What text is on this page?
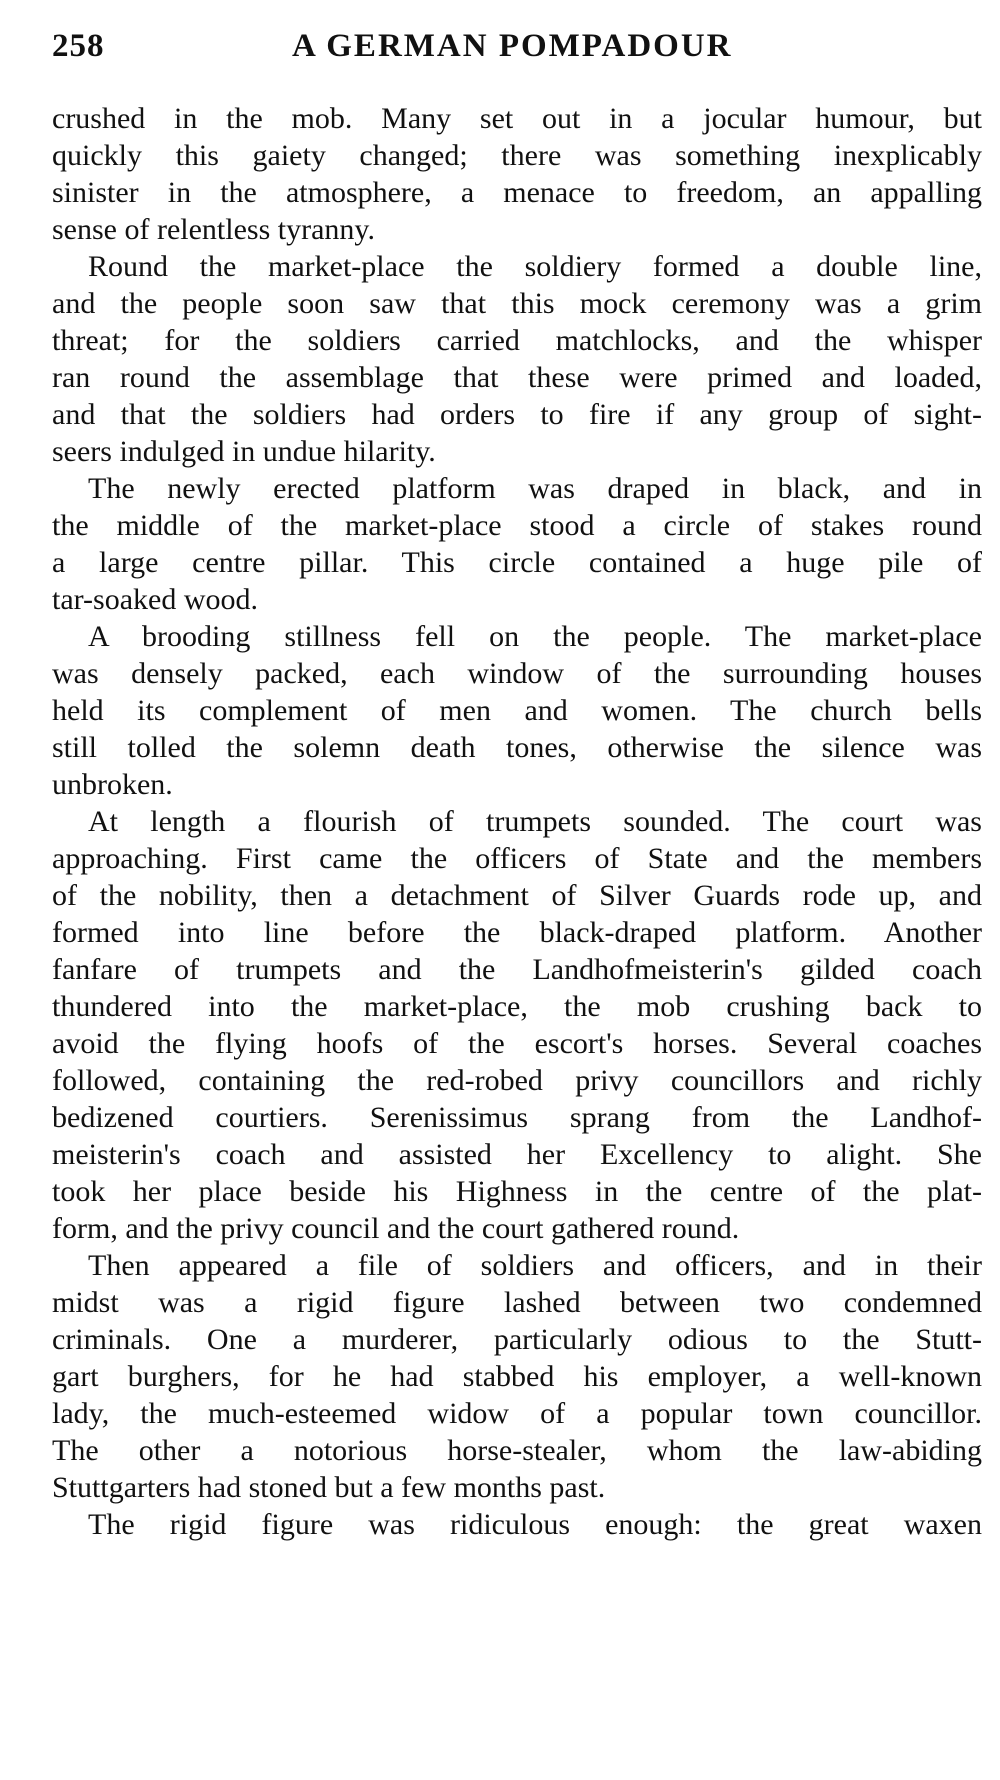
258	A GERMAN POMPADOUR
crushed in the mob. Many set out in a jocular humour, but
quickly this gaiety changed; there was something inexplicably
sinister in the atmosphere, a menace to freedom, an appalling
sense of relentless tyranny.
Round the market-place the soldiery formed a double line,
and the people soon saw that this mock ceremony was a grim
threat; for the soldiers carried matchlocks, and the whisper
ran round the assemblage that these were primed and loaded,
and that the soldiers had orders to fire if any group of sight-
seers indulged in undue hilarity.
The newly erected platform was draped in black, and in
the middle of the market-place stood a circle of stakes round
a large centre pillar. This circle contained a huge pile of
tar-soaked wood.
A brooding stillness fell on the people. The market-place
was densely packed, each window of the surrounding houses
held its complement of men and women. The church bells
still tolled the solemn death tones, otherwise the silence was
unbroken.
At length a flourish of trumpets sounded. The court was
approaching. First came the officers of State and the members
of the nobility, then a detachment of Silver Guards rode up, and
formed into line before the black-draped platform. Another
fanfare of trumpets and the Landhofmeisterin's gilded coach
thundered into the market-place, the mob crushing back to
avoid the flying hoofs of the escort's horses. Several coaches
followed, containing the red-robed privy councillors and richly
bedizened courtiers. Serenissimus sprang from the Landhof-
meisterin's coach and assisted her Excellency to alight. She
took her place beside his Highness in the centre of the plat-
form, and the privy council and the court gathered round.
Then appeared a file of soldiers and officers, and in their
midst was a rigid figure lashed between two condemned
criminals. One a murderer, particularly odious to the Stutt-
gart burghers, for he had stabbed his employer, a well-known
lady, the much-esteemed widow of a popular town councillor.
The other a notorious horse-stealer, whom the law-abiding
Stuttgarters had stoned but a few months past.
The rigid figure was ridiculous enough: the great waxen
